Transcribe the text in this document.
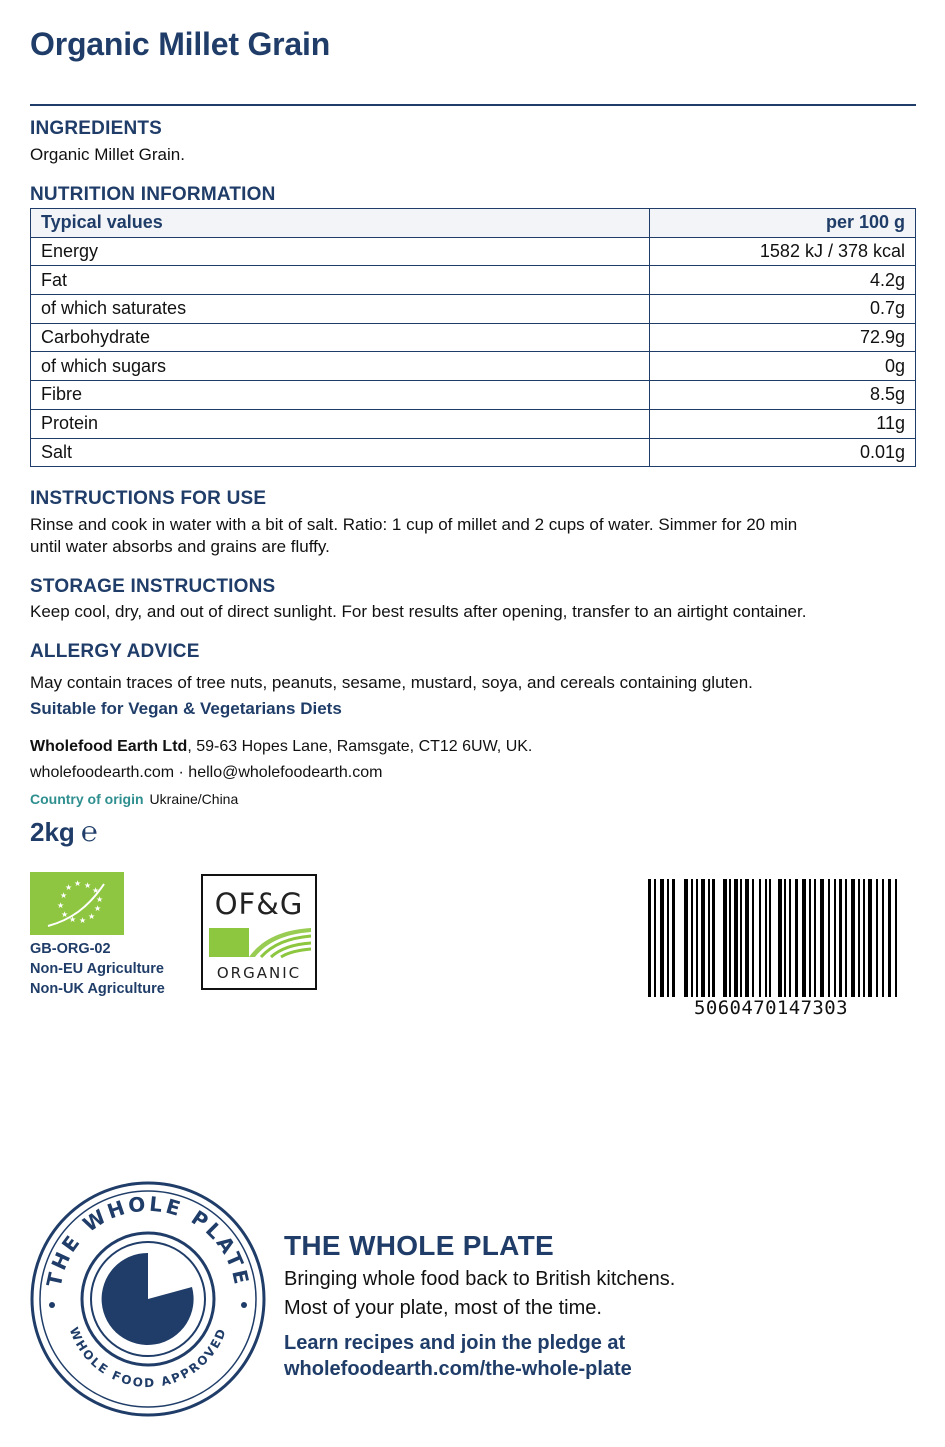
Organic Millet Grain
INGREDIENTS

Organic Millet Grain.

NUTRITION INFORMATION
Typical values	per 100 g
Energy	1582 kJ / 378 kcal
Fat	4.2g
of which saturates	0.7g
Carbohydrate	72.9g
of which sugars	0g
Fibre	8.5g
Protein	11g
Salt	0.01g
INSTRUCTIONS FOR USE

Rinse and cook in water with a bit of salt. Ratio: 1 cup of millet and 2 cups of water. Simmer for 20 min

until water absorbs and grains are fluffy.

STORAGE INSTRUCTIONS

Keep cool, dry, and out of direct sunlight. For best results after opening, transfer to an airtight container.

ALLERGY ADVICE

May contain traces of tree nuts, peanuts, sesame, mustard, soya, and cereals containing gluten.

Suitable for Vegan & Vegetarians Diets

Wholefood Earth Ltd, 59-63 Hopes Lane, Ramsgate, CT12 6UW, UK.

wholefoodearth.com · hello@wholefoodearth.com

Country of origin Ukraine/China

2kg ℮

★ ★
★
★
★
★
★
★
★
★
★
★

GB-ORG-02
Non-EU Agriculture
Non-UK Agriculture

OF&G
ORGANIC

5060470147303

THE WHOLE PLATE
WHOLE FOOD APPROVED
THE WHOLE PLATE

Bringing whole food back to British kitchens.

Most of your plate, most of the time.

Learn recipes and join the pledge at
wholefoodearth.com/the-whole-plate
